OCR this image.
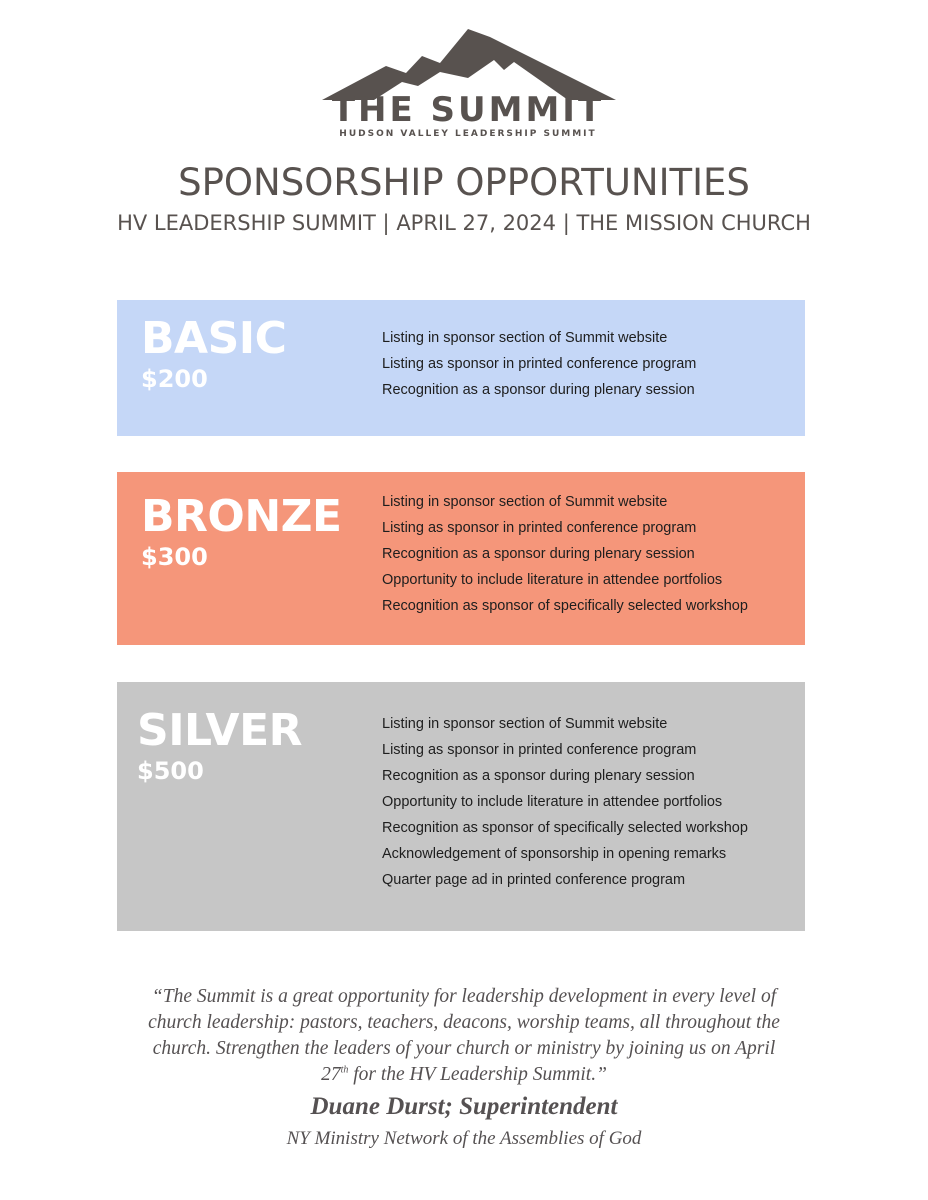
THE SUMMIT
HUDSON VALLEY LEADERSHIP SUMMIT
SPONSORSHIP OPPORTUNITIES
HV LEADERSHIP SUMMIT | APRIL 27, 2024 | THE MISSION CHURCH
BASIC
$200
Listing in sponsor section of Summit website
Listing as sponsor in printed conference program
Recognition as a sponsor during plenary session
BRONZE
$300
Listing in sponsor section of Summit website
Listing as sponsor in printed conference program
Recognition as a sponsor during plenary session
Opportunity to include literature in attendee portfolios
Recognition as sponsor of specifically selected workshop
SILVER
$500
Listing in sponsor section of Summit website
Listing as sponsor in printed conference program
Recognition as a sponsor during plenary session
Opportunity to include literature in attendee portfolios
Recognition as sponsor of specifically selected workshop
Acknowledgement of sponsorship in opening remarks
Quarter page ad in printed conference program

“The Summit is a great opportunity for leadership development in every level of church leadership: pastors, teachers, deacons, worship teams, all throughout the church. Strengthen the leaders of your church or ministry by joining us on April 27th for the HV Leadership Summit.”

Duane Durst; Superintendent
NY Ministry Network of the Assemblies of God
